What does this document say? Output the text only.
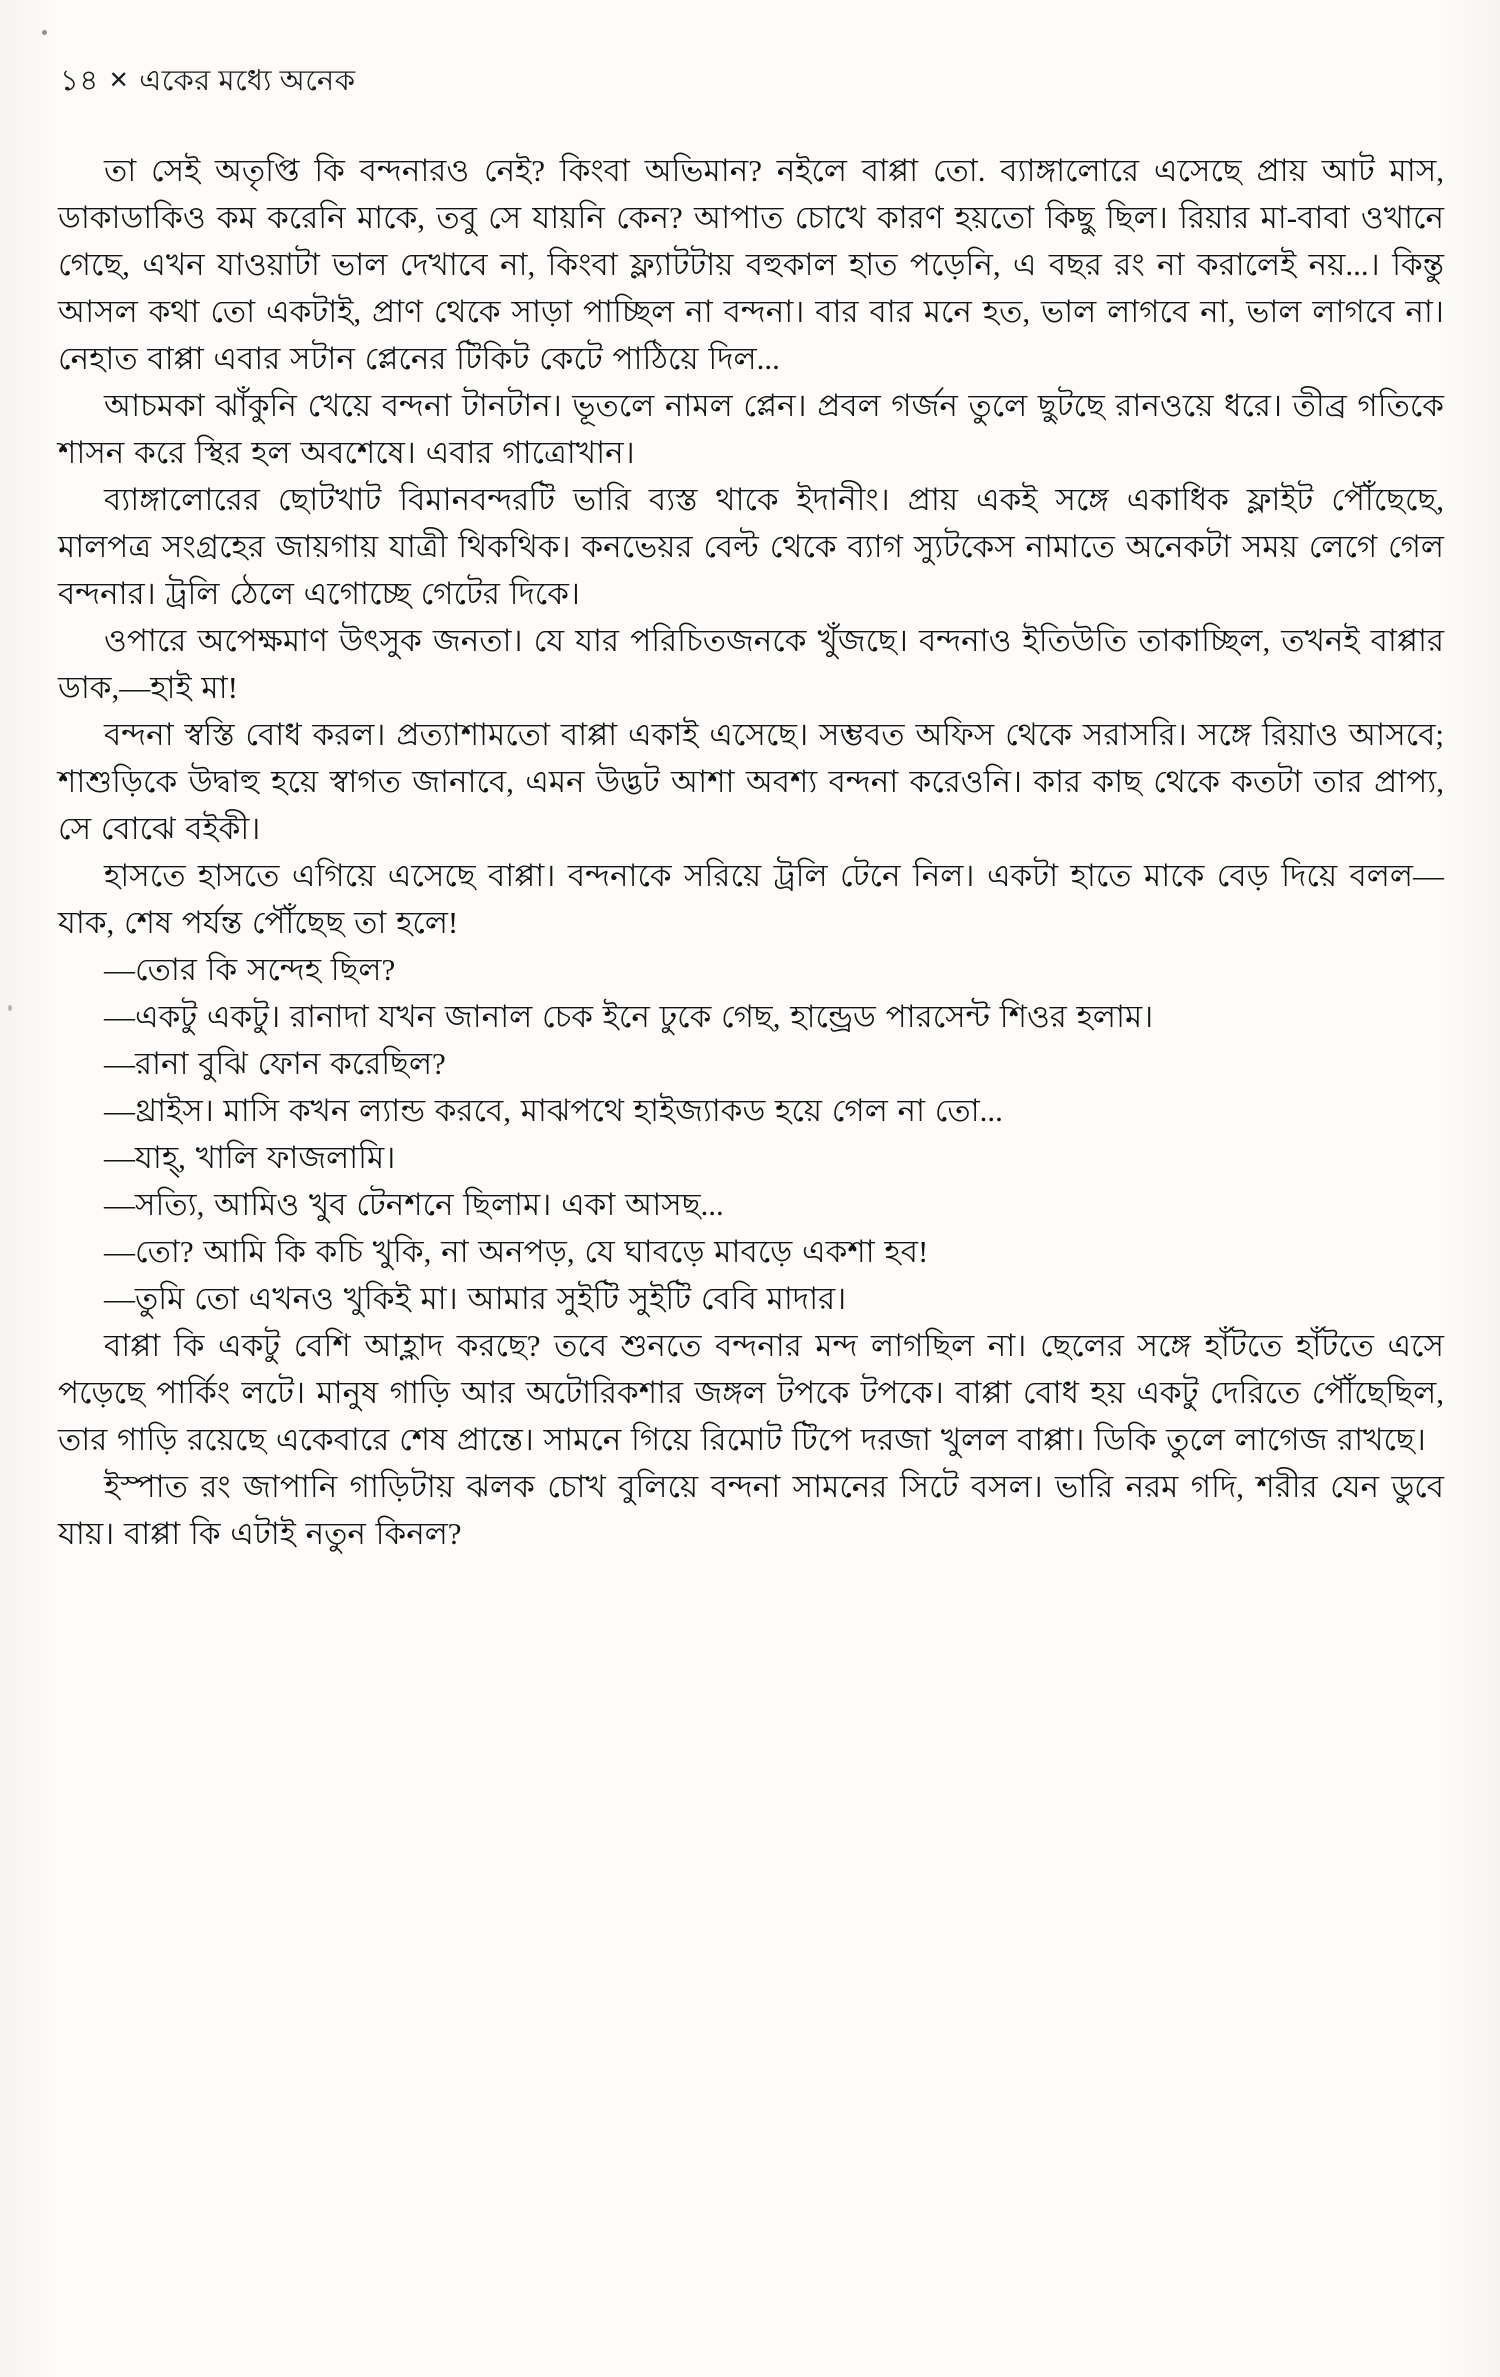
১৪ ✕ একের মধ্যে অনেক

তা সেই অতৃপ্তি কি বন্দনারও নেই? কিংবা অভিমান? নইলে বাপ্পা তো. ব্যাঙ্গালোরে এসেছে প্রায় আট মাস, ডাকাডাকিও কম করেনি মাকে, তবু সে যায়নি কেন? আপাত চোখে কারণ হয়তো কিছু ছিল। রিয়ার মা-বাবা ওখানে গেছে, এখন যাওয়াটা ভাল দেখাবে না, কিংবা ফ্ল্যাটটায় বহুকাল হাত পড়েনি, এ বছর রং না করালেই নয়...। কিন্তু আসল কথা তো একটাই, প্রাণ থেকে সাড়া পাচ্ছিল না বন্দনা। বার বার মনে হত, ভাল লাগবে না, ভাল লাগবে না। নেহাত বাপ্পা এবার সটান প্লেনের টিকিট কেটে পাঠিয়ে দিল...

আচমকা ঝাঁকুনি খেয়ে বন্দনা টানটান। ভূতলে নামল প্লেন। প্রবল গর্জন তুলে ছুটছে রানওয়ে ধরে। তীব্র গতিকে শাসন করে স্থির হল অবশেষে। এবার গাত্রোখান।

ব্যাঙ্গালোরের ছোটখাট বিমানবন্দরটি ভারি ব্যস্ত থাকে ইদানীং। প্রায় একই সঙ্গে একাধিক ফ্লাইট পৌঁছেছে, মালপত্র সংগ্রহের জায়গায় যাত্রী থিকথিক। কনভেয়র বেল্ট থেকে ব্যাগ স্যুটকেস নামাতে অনেকটা সময় লেগে গেল বন্দনার। ট্রলি ঠেলে এগোচ্ছে গেটের দিকে।

ওপারে অপেক্ষমাণ উৎসুক জনতা। যে যার পরিচিতজনকে খুঁজছে। বন্দনাও ইতিউতি তাকাচ্ছিল, তখনই বাপ্পার ডাক,—হাই মা!

বন্দনা স্বস্তি বোধ করল। প্রত্যাশামতো বাপ্পা একাই এসেছে। সম্ভবত অফিস থেকে সরাসরি। সঙ্গে রিয়াও আসবে; শাশুড়িকে উদ্বাহু হয়ে স্বাগত জানাবে, এমন উদ্ভট আশা অবশ্য বন্দনা করেওনি। কার কাছ থেকে কতটা তার প্রাপ্য, সে বোঝে বইকী।

হাসতে হাসতে এগিয়ে এসেছে বাপ্পা। বন্দনাকে সরিয়ে ট্রলি টেনে নিল। একটা হাতে মাকে বেড় দিয়ে বলল—যাক, শেষ পর্যন্ত পৌঁছেছ তা হলে!

—তোর কি সন্দেহ ছিল?

—একটু একটু। রানাদা যখন জানাল চেক ইনে ঢুকে গেছ, হান্ড্রেড পারসেন্ট শিওর হলাম।

—রানা বুঝি ফোন করেছিল?

—থ্রাইস। মাসি কখন ল্যান্ড করবে, মাঝপথে হাইজ্যাকড হয়ে গেল না তো...

—যাহ্, খালি ফাজলামি।

—সত্যি, আমিও খুব টেনশনে ছিলাম। একা আসছ...

—তো? আমি কি কচি খুকি, না অনপড়, যে ঘাবড়ে মাবড়ে একশা হব!

—তুমি তো এখনও খুকিই মা। আমার সুইটি সুইটি বেবি মাদার।

বাপ্পা কি একটু বেশি আহ্লাদ করছে? তবে শুনতে বন্দনার মন্দ লাগছিল না। ছেলের সঙ্গে হাঁটতে হাঁটতে এসে পড়েছে পার্কিং লটে। মানুষ গাড়ি আর অটোরিকশার জঙ্গল টপকে টপকে। বাপ্পা বোধ হয় একটু দেরিতে পৌঁছেছিল, তার গাড়ি রয়েছে একেবারে শেষ প্রান্তে। সামনে গিয়ে রিমোট টিপে দরজা খুলল বাপ্পা। ডিকি তুলে লাগেজ রাখছে।

ইস্পাত রং জাপানি গাড়িটায় ঝলক চোখ বুলিয়ে বন্দনা সামনের সিটে বসল। ভারি নরম গদি, শরীর যেন ডুবে যায়। বাপ্পা কি এটাই নতুন কিনল?
